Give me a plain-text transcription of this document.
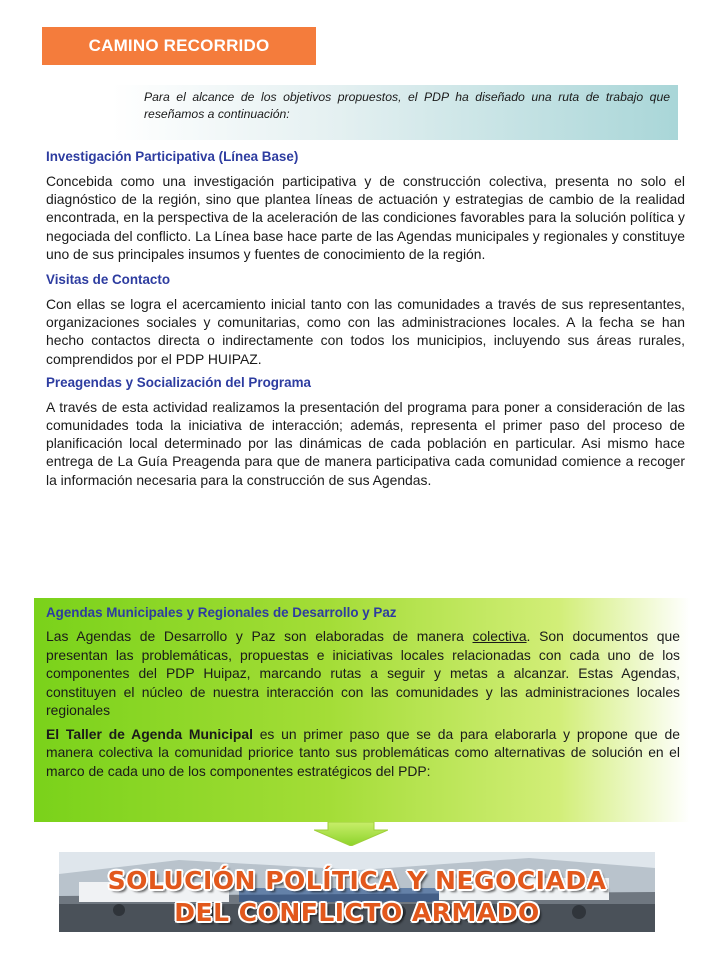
CAMINO RECORRIDO

Para el alcance de los objetivos propuestos, el PDP ha diseñado una ruta de trabajo que reseñamos a continuación:

Investigación Participativa (Línea Base)

Concebida como una investigación participativa y de construcción colectiva, presenta no solo el diagnóstico de la región, sino que plantea líneas de actuación y estrategias de cambio de la realidad encontrada, en la perspectiva de la aceleración de las condiciones favorables para la solución política y negociada del conflicto. La Línea base hace parte de las Agendas municipales y regionales y constituye uno de sus principales insumos y fuentes de conocimiento de la región.

Visitas de Contacto

Con ellas se logra el acercamiento inicial tanto con las comunidades a través de sus representantes, organizaciones sociales y comunitarias, como con las administraciones locales. A la fecha se han hecho contactos directa o indirectamente con todos los municipios, incluyendo sus áreas rurales, comprendidos por el PDP HUIPAZ.

Preagendas y Socialización del Programa

A través de esta actividad realizamos la presentación del programa para poner a consideración de las comunidades toda la iniciativa de interacción; además, representa el primer paso del proceso de planificación local determinado por las dinámicas de cada población en particular. Asi mismo hace entrega de La Guía Preagenda para que de manera participativa cada comunidad comience a recoger la información necesaria para la construcción de sus Agendas.

Agendas Municipales y Regionales de Desarrollo y Paz

Las Agendas de Desarrollo y Paz son elaboradas de manera colectiva. Son documentos que presentan las problemáticas, propuestas e iniciativas locales relacionadas con cada uno de los componentes del PDP Huipaz, marcando rutas a seguir y metas a alcanzar. Estas Agendas, constituyen el núcleo de nuestra interacción con las comunidades y las administraciones locales regionales

El Taller de Agenda Municipal es un primer paso que se da para elaborarla y propone que de manera colectiva la comunidad priorice tanto sus problemáticas como alternativas de solución en el marco de cada uno de los componentes estratégicos del PDP:

SOLUCIÓN POLÍTICA Y NEGOCIADA
DEL CONFLICTO ARMADO
